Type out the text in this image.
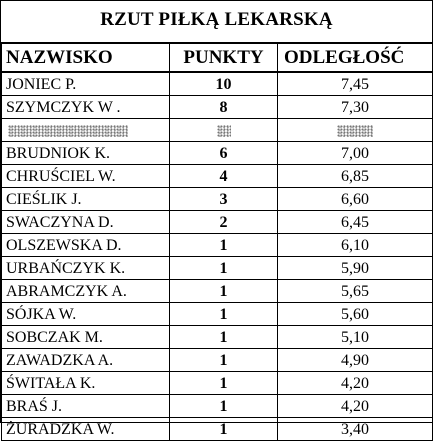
RZUT PIŁKĄ LEKARSKĄ
NAZWISKO	PUNKTY	ODLEGŁOŚĆ
JONIEC P.	10	7,45
SZYMCZYK W .	8	7,30

BRUDNIOK K.	6	7,00
CHRUŚCIEL W.	4	6,85
CIEŚLIK J.	3	6,60
SWACZYNA D.	2	6,45
OLSZEWSKA D.	1	6,10
URBAŃCZYK K.	1	5,90
ABRAMCZYK A.	1	5,65
SÓJKA W.	1	5,60
SOBCZAK M.	1	5,10
ZAWADZKA A.	1	4,90
ŚWITAŁA K.	1	4,20
BRAŚ J.	1	4,20
ŻURADZKA W.	1	3,40
